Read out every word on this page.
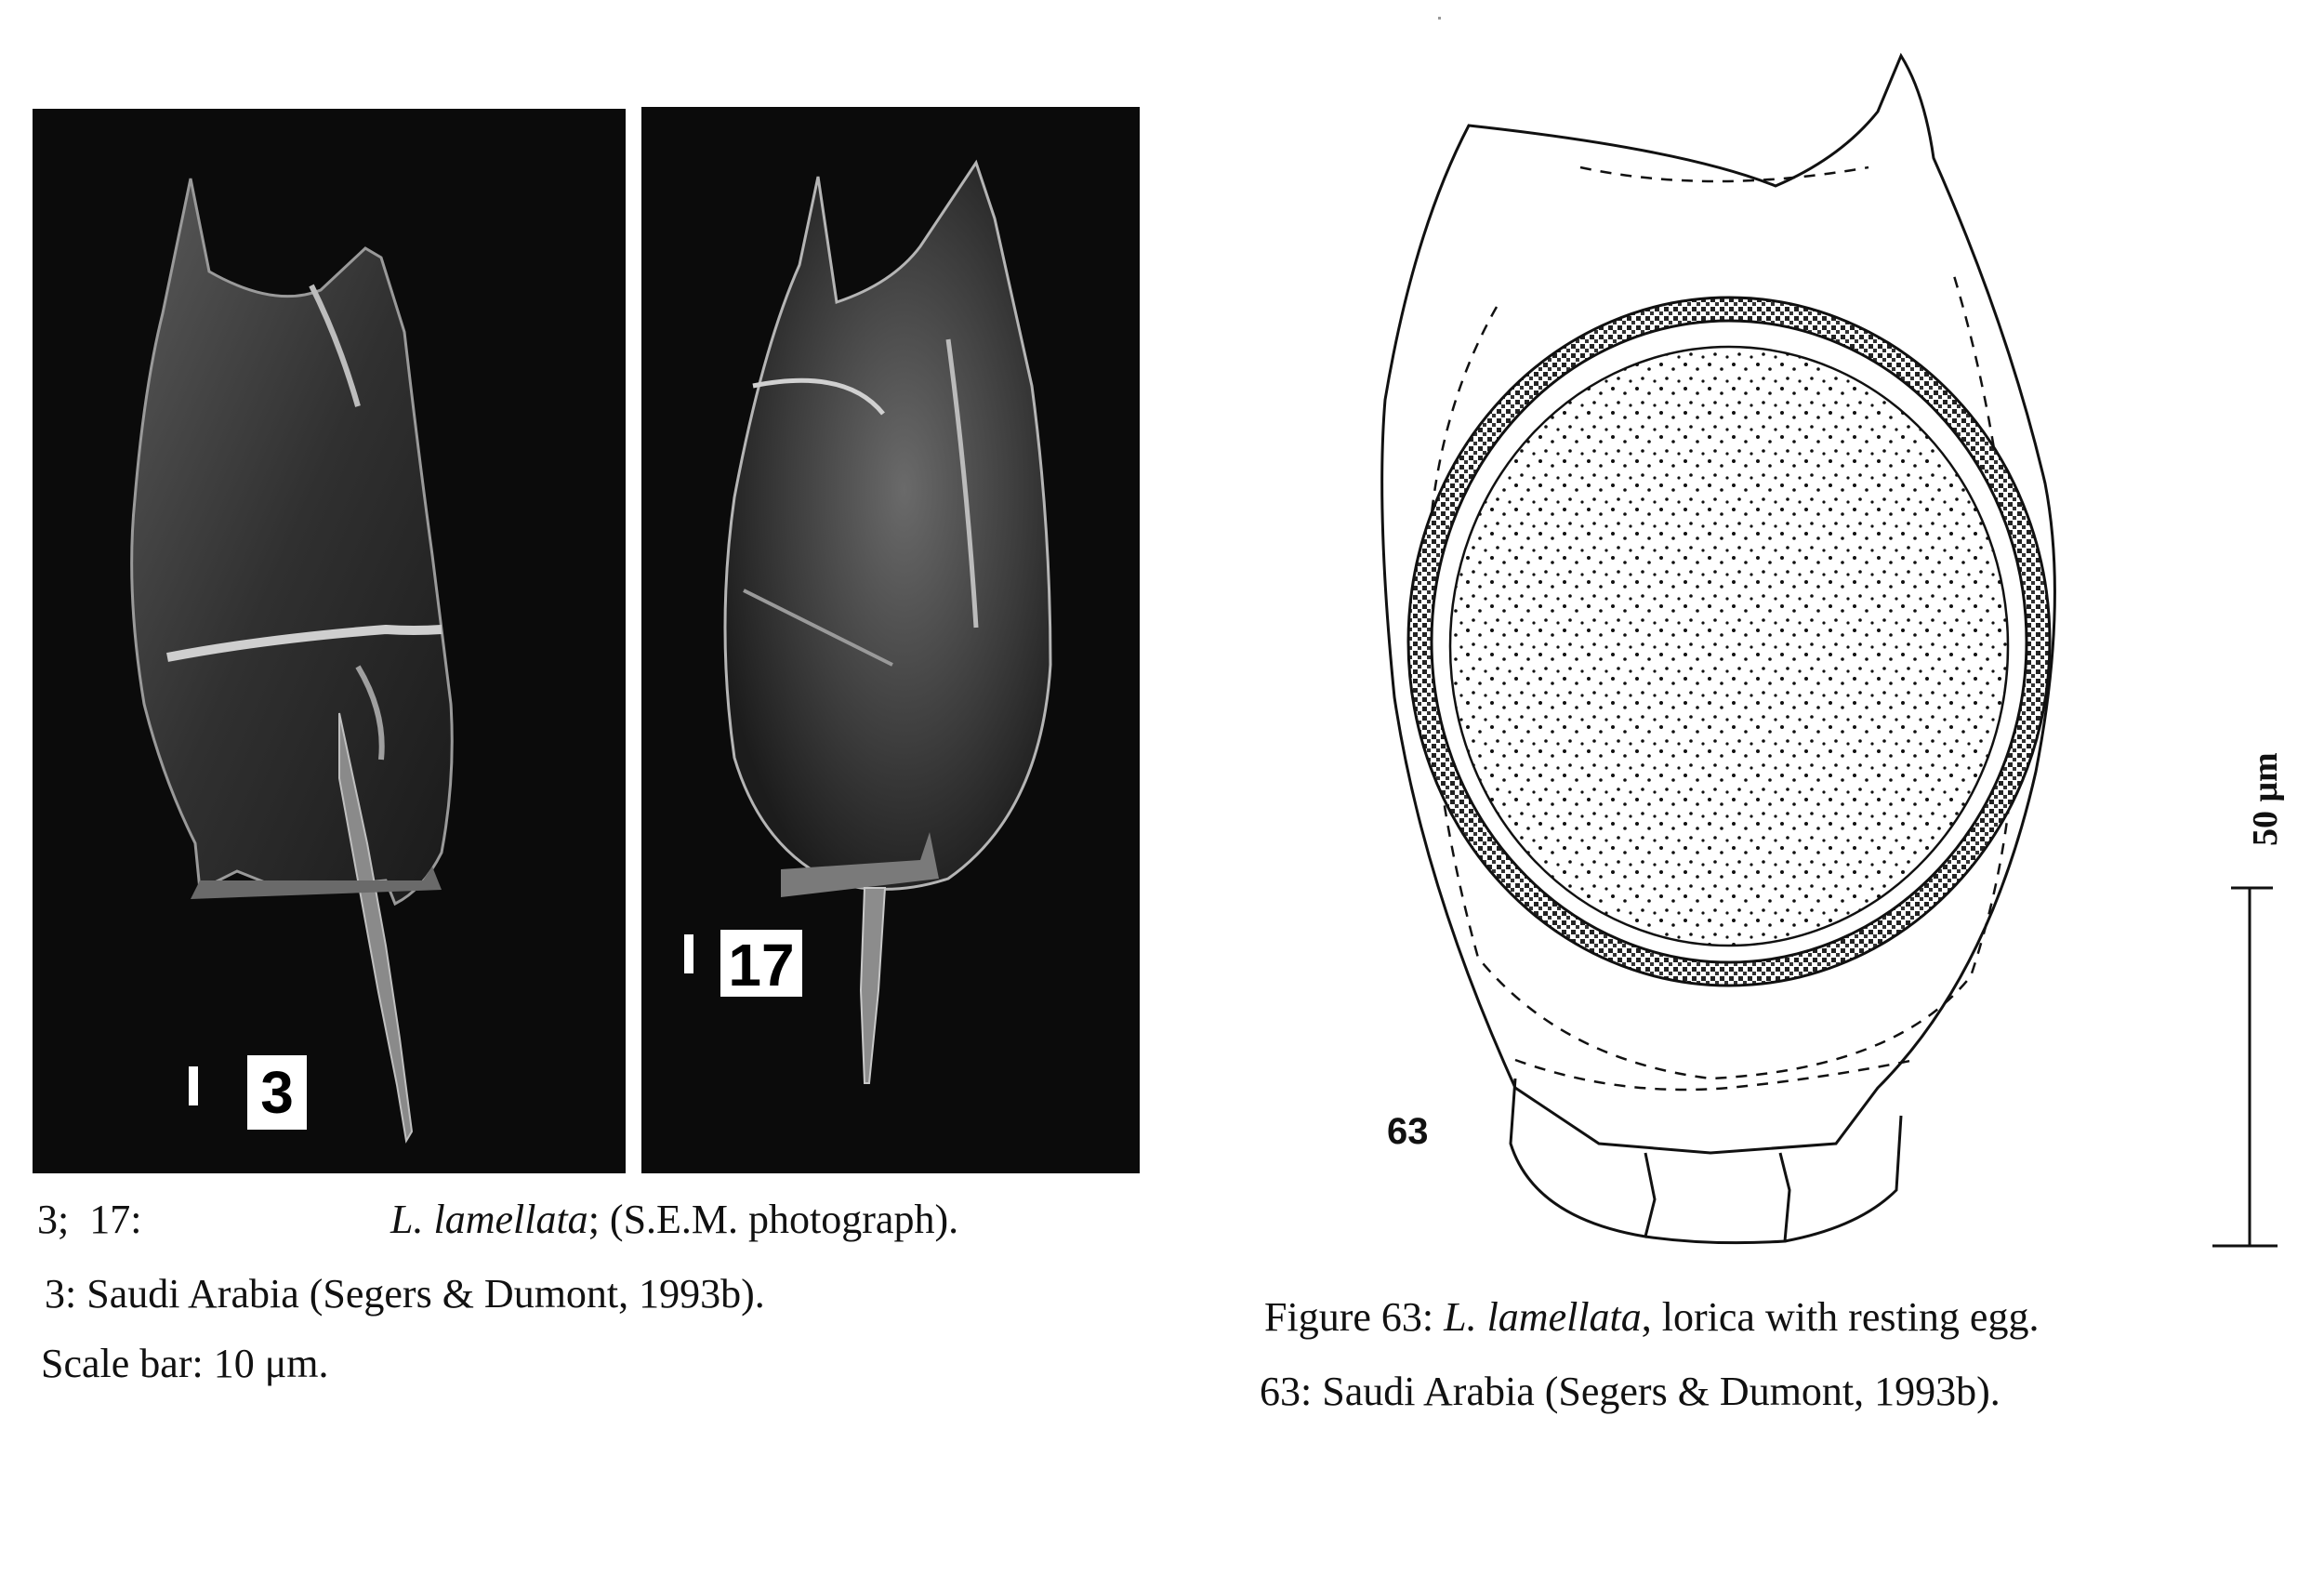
3
17
3;  17:	L. lamellata; (S.E.M. photograph).
3: Saudi Arabia (Segers & Dumont, 1993b).
Scale bar: 10 μm.
63
50 μm
Figure 63: L. lamellata, lorica with resting egg.
63: Saudi Arabia (Segers & Dumont, 1993b).
